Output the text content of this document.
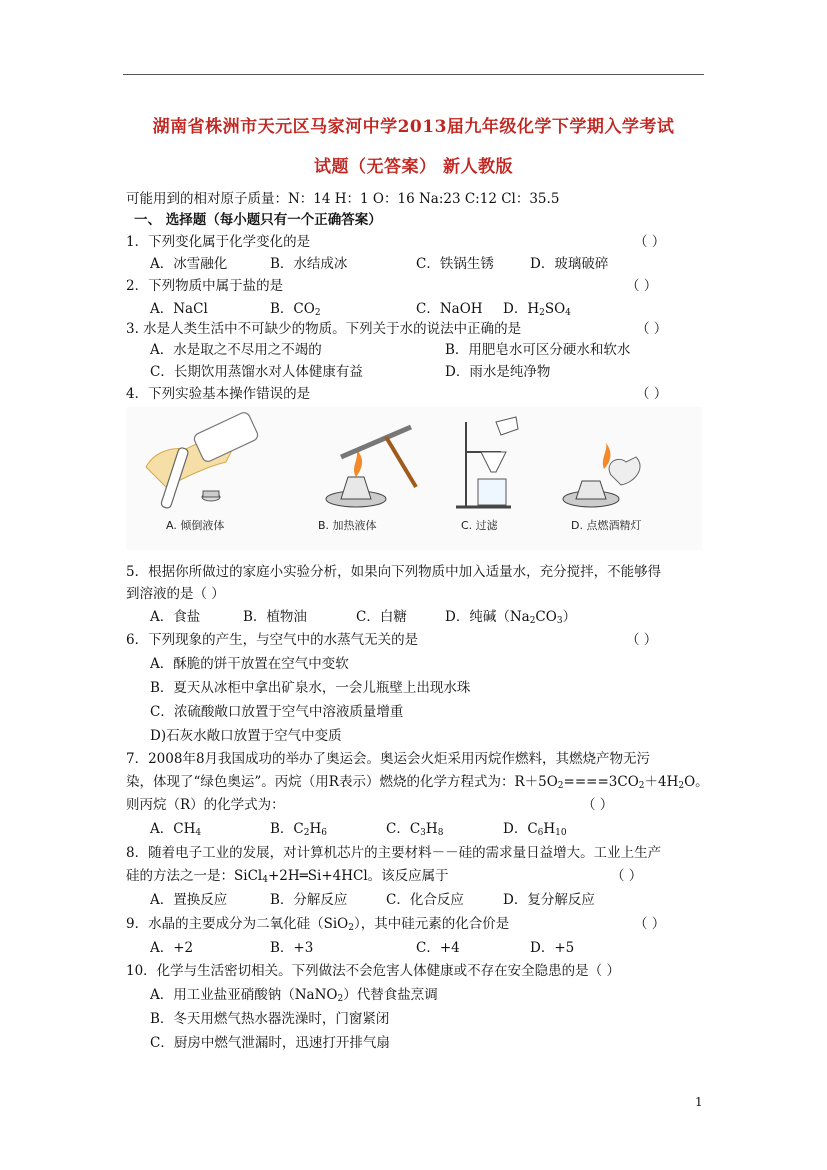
湖南省株洲市天元区马家河中学2013届九年级化学下学期入学考试
试题（无答案） 新人教版
可能用到的相对原子质量：N：14 H：1 O：16 Na:23 C:12 Cl：35.5
一、 选择题（每小题只有一个正确答案）
1．下列变化属于化学变化的是	（ ）
A．冰雪融化	B．水结成冰	C．铁锅生锈	D．玻璃破碎
2．下列物质中属于盐的是	（ ）
A．NaCl	B．$CO_2$	C．NaOH D．$H_2SO_4$
3. 水是人类生活中不可缺少的物质。下列关于水的说法中正确的是	（ ）
A．水是取之不尽用之不竭的	B．用肥皂水可区分硬水和软水
C．长期饮用蒸馏水对人体健康有益	D．雨水是纯净物
4．下列实验基本操作错误的是	（ ）
A. 倾倒液体	B. 加热液体	C. 过滤	D. 点燃酒精灯
5．根据你所做过的家庭小实验分析，如果向下列物质中加入适量水，充分搅拌，不能够得
到溶液的是（ ）
A．食盐	B．植物油	C．白糖	D．纯碱$(Na_2CO_3)$
6．下列现象的产生，与空气中的水蒸气无关的是	（ ）
A．酥脆的饼干放置在空气中变软
B．夏天从冰柜中拿出矿泉水，一会儿瓶壁上出现水珠
C．浓硫酸敞口放置于空气中溶液质量增重
D)石灰水敞口放置于空气中变质
7．2008年8月我国成功的举办了奥运会。奥运会火炬采用丙烷作燃料，其燃烧产物无污
染，体现了“绿色奥运”。丙烷（用R表示）燃烧的化学方程式为：$R+5O_2====3CO_2+4H_2O$。
则丙烷（R）的化学式为：	（ ）
A．$CH_4$	B．$C_2H_6$	C．$C_3H_8$	D．$C_6H_{10}$
8．随着电子工业的发展，对计算机芯片的主要材料－－硅的需求量日益增大。工业上生产
硅的方法之一是：SiCl$_4$+2H═Si+4HCl。该反应属于	（ ）
A．置换反应	B．分解反应	C．化合反应	D．复分解反应
9．水晶的主要成分为二氧化硅（SiO$_2$），其中硅元素的化合价是	（ ）
A．+2	B．+3	C．+4	D．+5
10．化学与生活密切相关。下列做法不会危害人体健康或不存在安全隐患的是（ ）
A．用工业盐亚硝酸钠（NaNO$_2$）代替食盐烹调
B．冬天用燃气热水器洗澡时，门窗紧闭
C．厨房中燃气泄漏时，迅速打开排气扇
1
